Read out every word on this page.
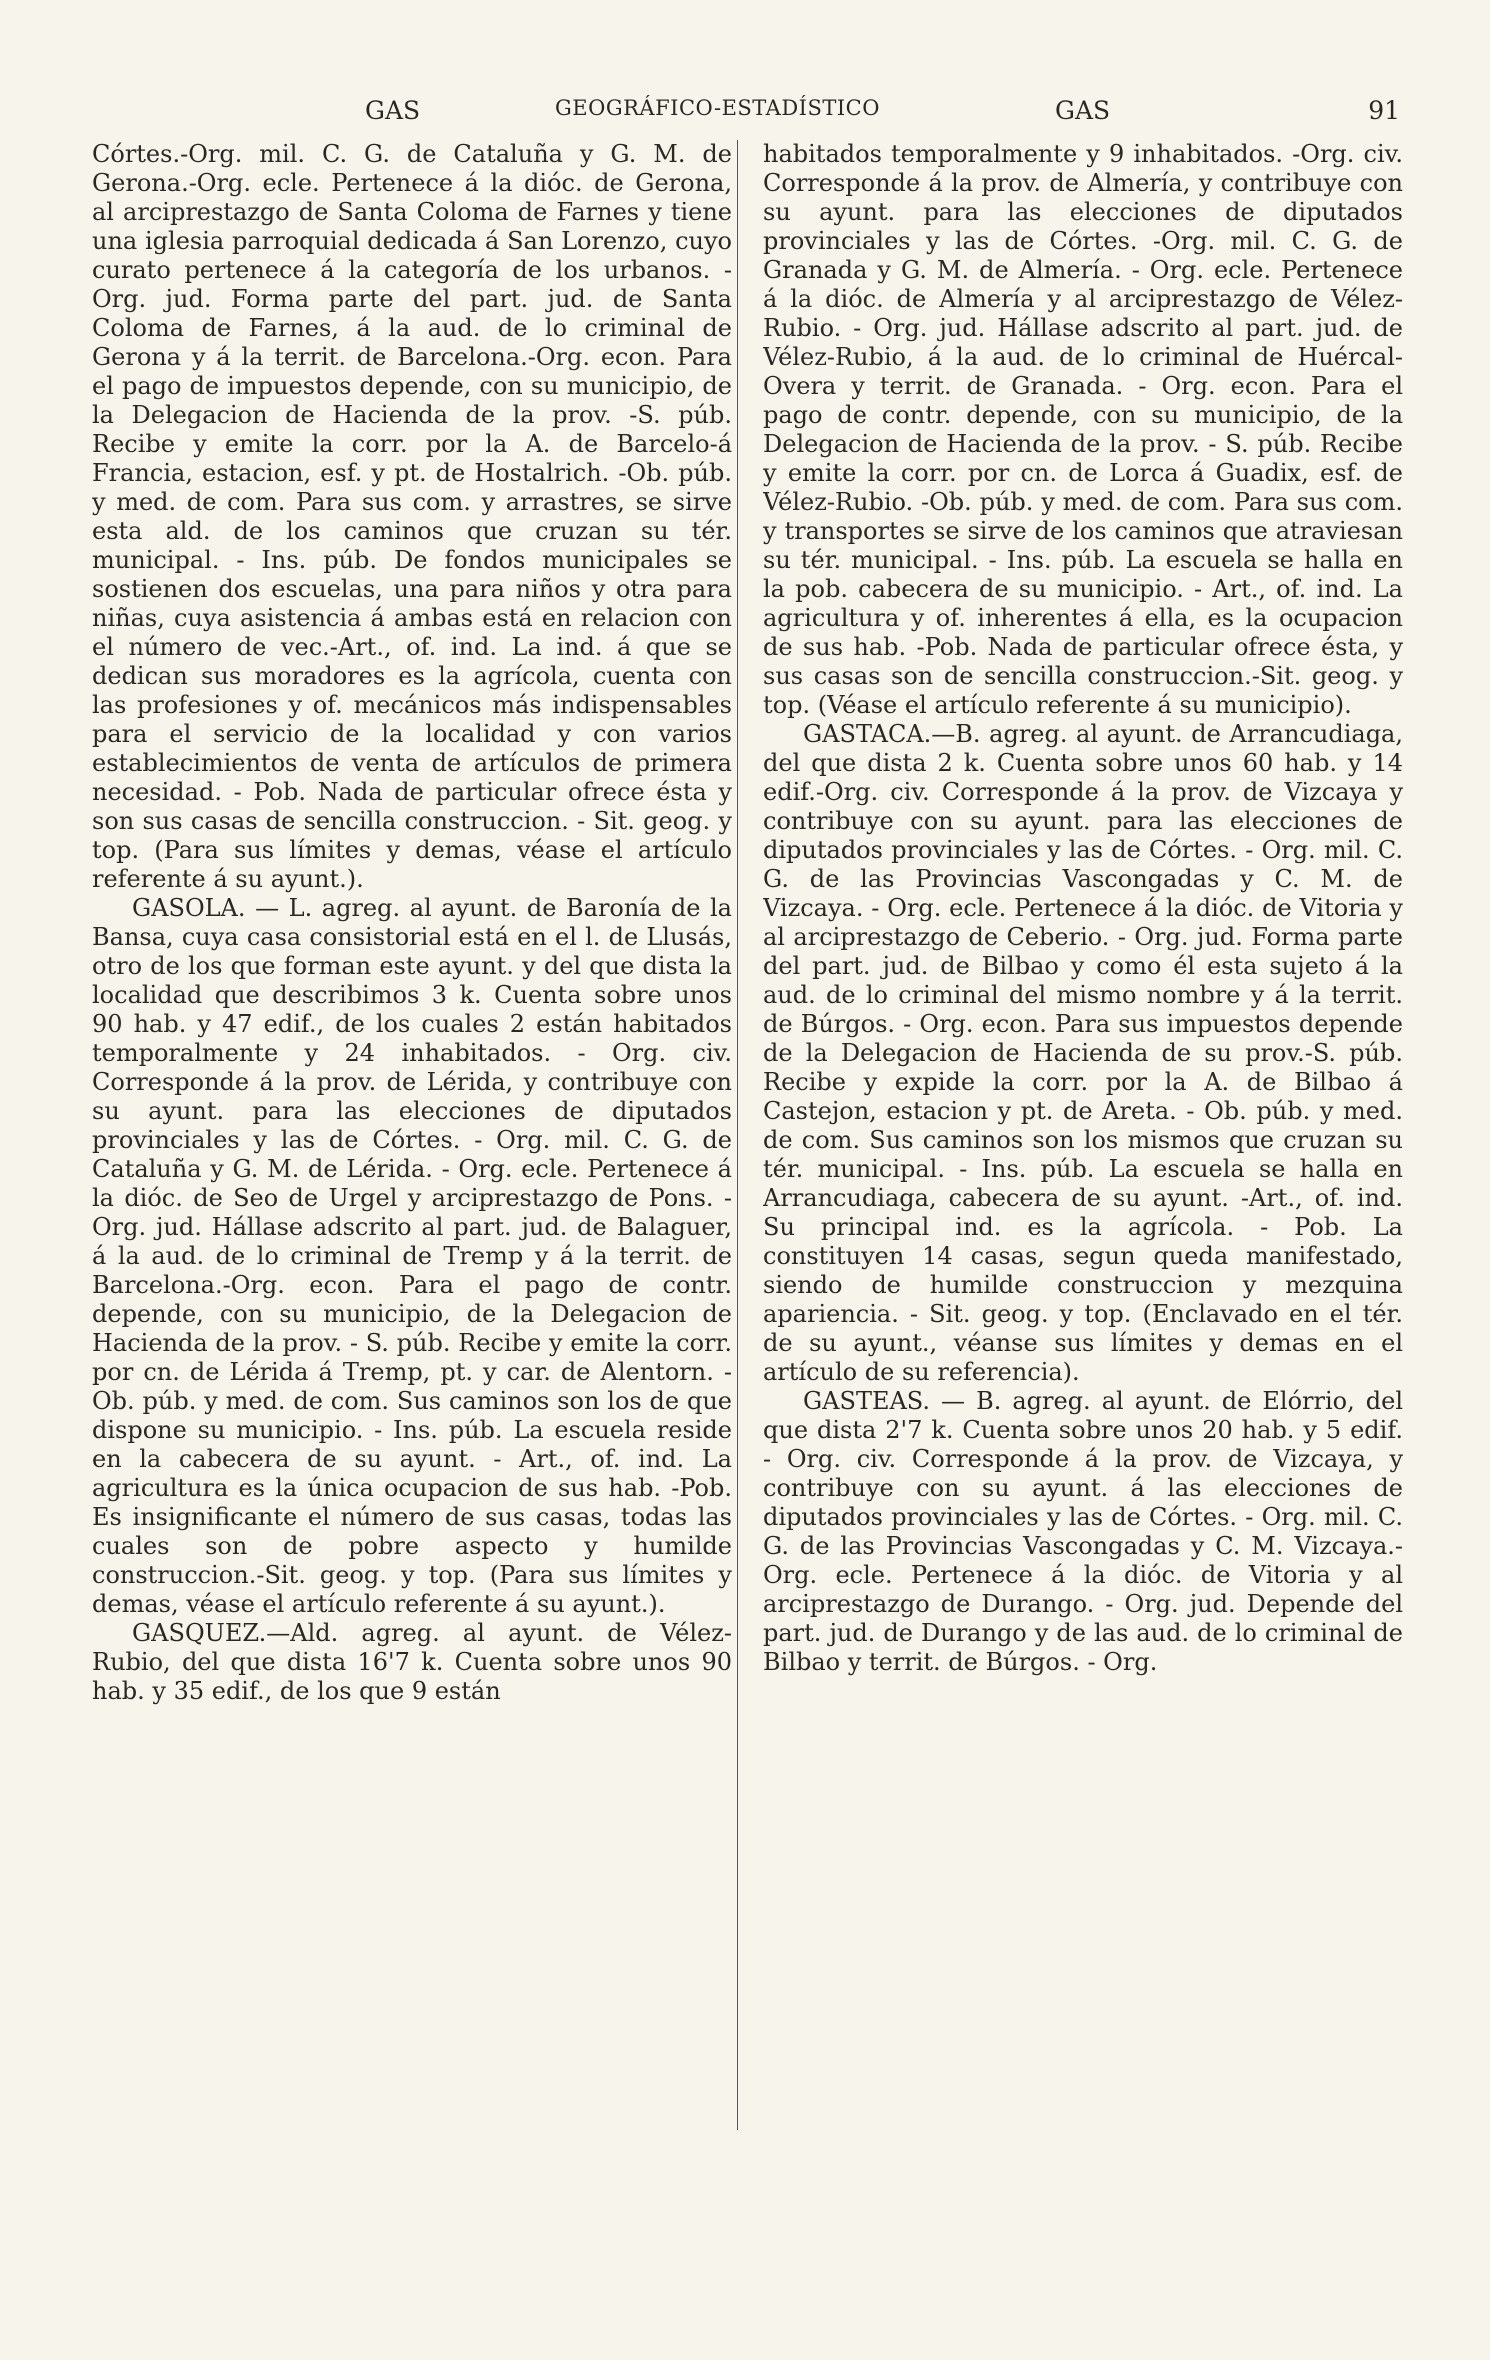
GAS	GEOGRÁFICO-ESTADÍSTICO	GAS	91

Córtes.-Org. mil. C. G. de Cataluña y G. M. de Gerona.-Org. ecle. Pertenece á la dióc. de Gerona, al arciprestazgo de Santa Coloma de Farnes y tiene una iglesia parroquial dedicada á San Lorenzo, cuyo curato pertenece á la categoría de los urbanos. - Org. jud. Forma parte del part. jud. de Santa Coloma de Farnes, á la aud. de lo criminal de Gerona y á la territ. de Barcelona.-Org. econ. Para el pago de impuestos depende, con su municipio, de la Delegacion de Hacienda de la prov. -S. púb. Recibe y emite la corr. por la A. de Barcelo-á Francia, estacion, esf. y pt. de Hostalrich. -Ob. púb. y med. de com. Para sus com. y arrastres, se sirve esta ald. de los caminos que cruzan su tér. municipal. - Ins. púb. De fondos municipales se sostienen dos escuelas, una para niños y otra para niñas, cuya asistencia á ambas está en relacion con el número de vec.-Art., of. ind. La ind. á que se dedican sus moradores es la agrícola, cuenta con las profesiones y of. mecánicos más indispensables para el servicio de la localidad y con varios establecimientos de venta de artículos de primera necesidad. - Pob. Nada de particular ofrece ésta y son sus casas de sencilla construccion. - Sit. geog. y top. (Para sus límites y demas, véase el artículo referente á su ayunt.).

GASOLA. — L. agreg. al ayunt. de Baronía de la Bansa, cuya casa consistorial está en el l. de Llusás, otro de los que forman este ayunt. y del que dista la localidad que describimos 3 k. Cuenta sobre unos 90 hab. y 47 edif., de los cuales 2 están habitados temporalmente y 24 inhabitados. - Org. civ. Corresponde á la prov. de Lérida, y contribuye con su ayunt. para las elecciones de diputados provinciales y las de Córtes. - Org. mil. C. G. de Cataluña y G. M. de Lérida. - Org. ecle. Pertenece á la dióc. de Seo de Urgel y arciprestazgo de Pons. - Org. jud. Hállase adscrito al part. jud. de Balaguer, á la aud. de lo criminal de Tremp y á la territ. de Barcelona.-Org. econ. Para el pago de contr. depende, con su municipio, de la Delegacion de Hacienda de la prov. - S. púb. Recibe y emite la corr. por cn. de Lérida á Tremp, pt. y car. de Alentorn. - Ob. púb. y med. de com. Sus caminos son los de que dispone su municipio. - Ins. púb. La escuela reside en la cabecera de su ayunt. - Art., of. ind. La agricultura es la única ocupacion de sus hab. -Pob. Es insignificante el número de sus casas, todas las cuales son de pobre aspecto y humilde construccion.-Sit. geog. y top. (Para sus límites y demas, véase el artículo referente á su ayunt.).

GASQUEZ.—Ald. agreg. al ayunt. de Vélez-Rubio, del que dista 16'7 k. Cuenta sobre unos 90 hab. y 35 edif., de los que 9 están

habitados temporalmente y 9 inhabitados. -Org. civ. Corresponde á la prov. de Almería, y contribuye con su ayunt. para las elecciones de diputados provinciales y las de Córtes. -Org. mil. C. G. de Granada y G. M. de Almería. - Org. ecle. Pertenece á la dióc. de Almería y al arciprestazgo de Vélez-Rubio. - Org. jud. Hállase adscrito al part. jud. de Vélez-Rubio, á la aud. de lo criminal de Huércal-Overa y territ. de Granada. - Org. econ. Para el pago de contr. depende, con su municipio, de la Delegacion de Hacienda de la prov. - S. púb. Recibe y emite la corr. por cn. de Lorca á Guadix, esf. de Vélez-Rubio. -Ob. púb. y med. de com. Para sus com. y transportes se sirve de los caminos que atraviesan su tér. municipal. - Ins. púb. La escuela se halla en la pob. cabecera de su municipio. - Art., of. ind. La agricultura y of. inherentes á ella, es la ocupacion de sus hab. -Pob. Nada de particular ofrece ésta, y sus casas son de sencilla construccion.-Sit. geog. y top. (Véase el artículo referente á su municipio).

GASTACA.—B. agreg. al ayunt. de Arrancudiaga, del que dista 2 k. Cuenta sobre unos 60 hab. y 14 edif.-Org. civ. Corresponde á la prov. de Vizcaya y contribuye con su ayunt. para las elecciones de diputados provinciales y las de Córtes. - Org. mil. C. G. de las Provincias Vascongadas y C. M. de Vizcaya. - Org. ecle. Pertenece á la dióc. de Vitoria y al arciprestazgo de Ceberio. - Org. jud. Forma parte del part. jud. de Bilbao y como él esta sujeto á la aud. de lo criminal del mismo nombre y á la territ. de Búrgos. - Org. econ. Para sus impuestos depende de la Delegacion de Hacienda de su prov.-S. púb. Recibe y expide la corr. por la A. de Bilbao á Castejon, estacion y pt. de Areta. - Ob. púb. y med. de com. Sus caminos son los mismos que cruzan su tér. municipal. - Ins. púb. La escuela se halla en Arrancudiaga, cabecera de su ayunt. -Art., of. ind. Su principal ind. es la agrícola. - Pob. La constituyen 14 casas, segun queda manifestado, siendo de humilde construccion y mezquina apariencia. - Sit. geog. y top. (Enclavado en el tér. de su ayunt., véanse sus límites y demas en el artículo de su referencia).

GASTEAS. — B. agreg. al ayunt. de Elórrio, del que dista 2'7 k. Cuenta sobre unos 20 hab. y 5 edif. - Org. civ. Corresponde á la prov. de Vizcaya, y contribuye con su ayunt. á las elecciones de diputados provinciales y las de Córtes. - Org. mil. C. G. de las Provincias Vascongadas y C. M. Vizcaya.-Org. ecle. Pertenece á la dióc. de Vitoria y al arciprestazgo de Durango. - Org. jud. Depende del part. jud. de Durango y de las aud. de lo criminal de Bilbao y territ. de Búrgos. - Org.
